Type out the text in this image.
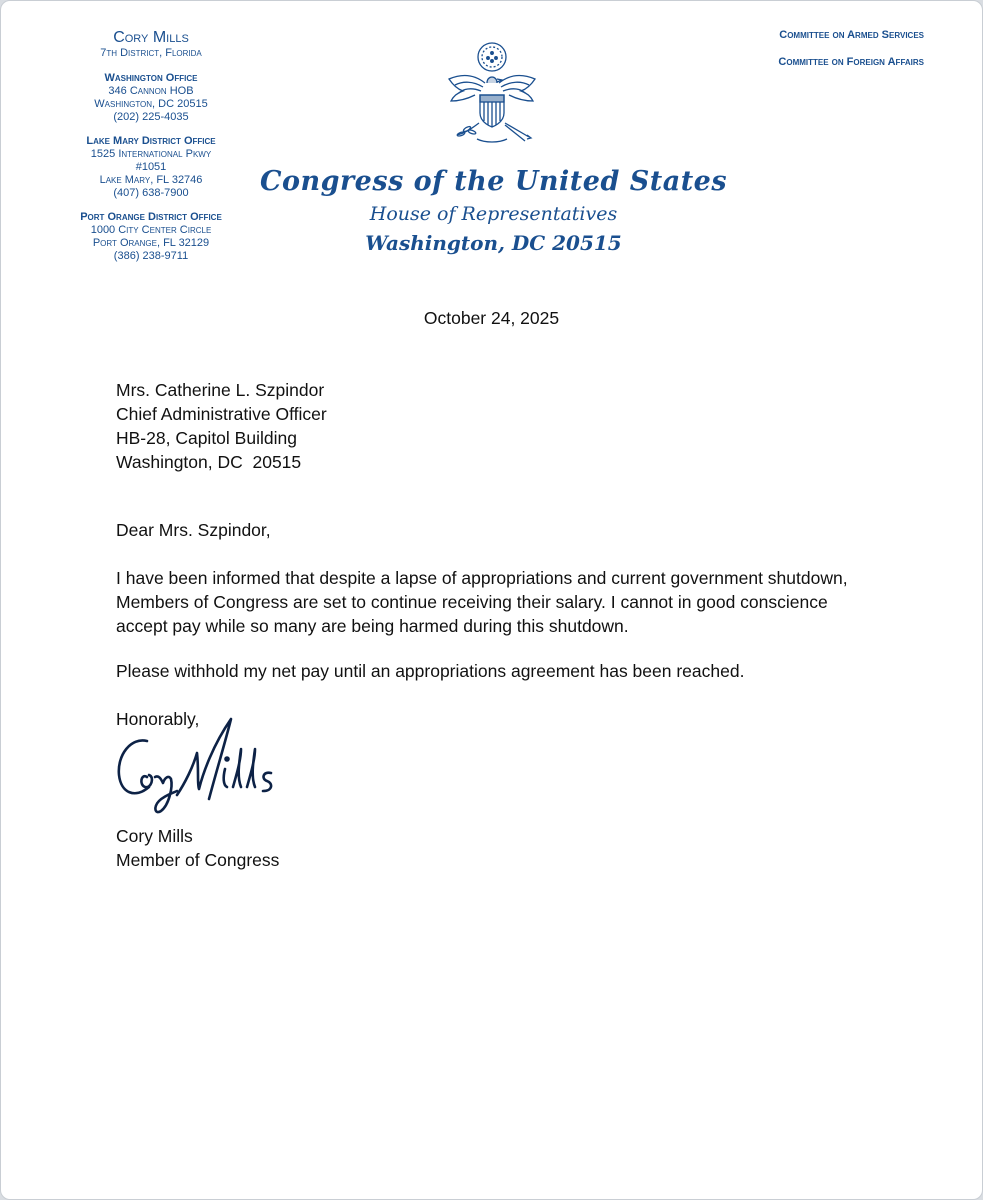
Cory Mills
7th District, Florida
Washington Office
346 Cannon HOB
Washington, DC 20515
(202) 225-4035
Lake Mary District Office
1525 International Pkwy
#1051
Lake Mary, FL 32746
(407) 638-7900
Port Orange District Office
1000 City Center Circle
Port Orange, FL 32129
(386) 238-9711
Committee on Armed Services
Committee on Foreign Affairs
Congress of the United States
House of Representatives
Washington, DC 20515
October 24, 2025
Mrs. Catherine L. Szpindor
Chief Administrative Officer
HB-28, Capitol Building
Washington, DC  20515
Dear Mrs. Szpindor,
I have been informed that despite a lapse of appropriations and current government shutdown,
Members of Congress are set to continue receiving their salary. I cannot in good conscience
accept pay while so many are being harmed during this shutdown.
Please withhold my net pay until an appropriations agreement has been reached.
Honorably,
Cory Mills
Member of Congress
